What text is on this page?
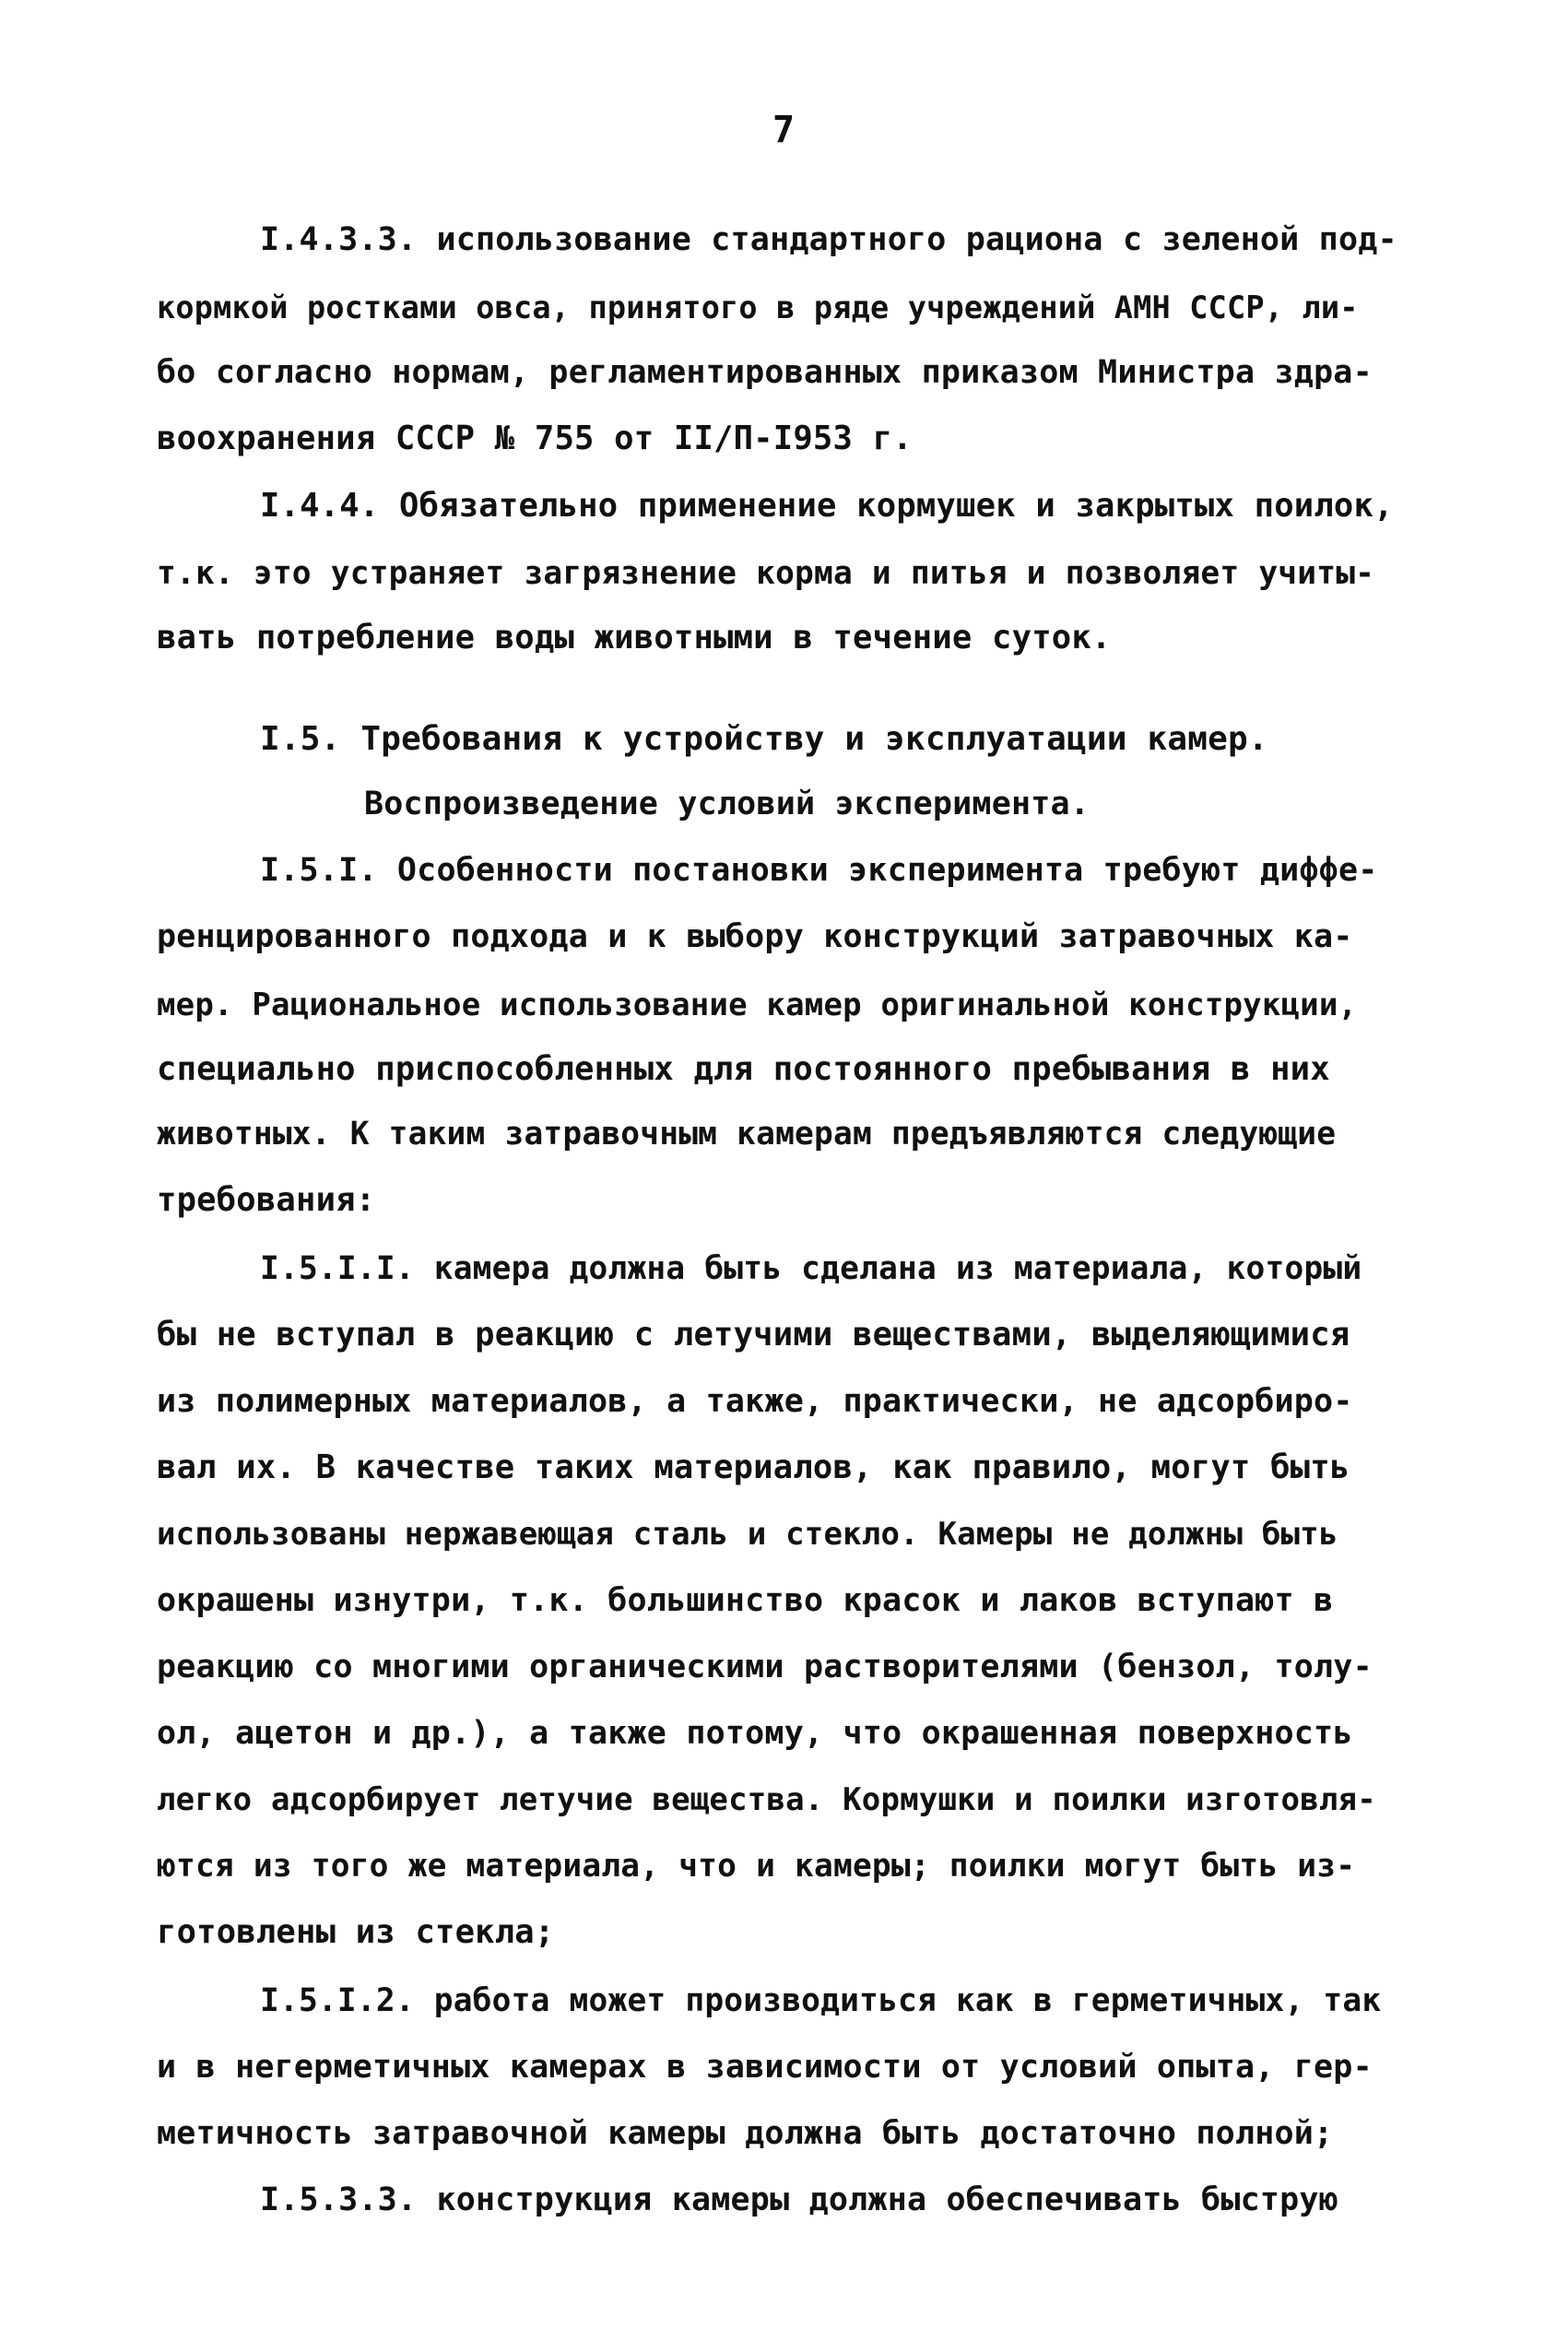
7
I.4.3.3. использование стандартного рациона с зеленой под-
кормкой ростками овса, принятого в ряде учреждений АМН СССР, ли-
бо согласно нормам, регламентированных приказом Министра здра-
воохранения СССР № 755 от II/П-I953 г.
I.4.4. Обязательно применение кормушек и закрытых поилок,
т.к. это устраняет загрязнение корма и питья и позволяет учиты-
вать потребление воды животными в течение суток.
I.5. Требования к устройству и эксплуатации камер.
Воспроизведение условий эксперимента.
I.5.I. Особенности постановки эксперимента требуют диффе-
ренцированного подхода и к выбору конструкций затравочных ка-
мер. Рациональное использование камер оригинальной конструкции,
специально приспособленных для постоянного пребывания в них
животных. К таким затравочным камерам предъявляются следующие
требования:
I.5.I.I. камера должна быть сделана из материала, который
бы не вступал в реакцию с летучими веществами, выделяющимися
из полимерных материалов, а также, практически, не адсорбиро-
вал их. В качестве таких материалов, как правило, могут быть
использованы нержавеющая сталь и стекло. Камеры не должны быть
окрашены изнутри, т.к. большинство красок и лаков вступают в
реакцию со многими органическими растворителями (бензол, толу-
ол, ацетон и др.), а также потому, что окрашенная поверхность
легко адсорбирует летучие вещества. Кормушки и поилки изготовля-
ются из того же материала, что и камеры; поилки могут быть из-
готовлены из стекла;
I.5.I.2. работа может производиться как в герметичных, так
и в негерметичных камерах в зависимости от условий опыта, гер-
метичность затравочной камеры должна быть достаточно полной;
I.5.3.3. конструкция камеры должна обеспечивать быструю
